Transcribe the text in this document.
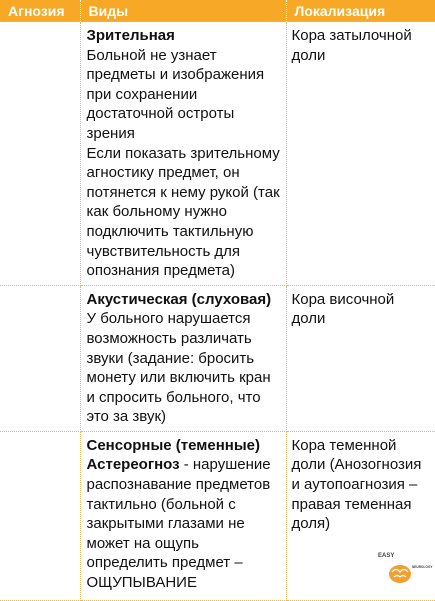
Агнозия	Виды	Локализация

	Зрительная
Больной не узнает предметы и изображения при сохранении достаточной остроты зрения
Если показать зрительному агностику предмет, он потянется к нему рукой (так как больному нужно подключить тактильную чувствительность для опознания предмета)	Кора затылочной доли

	Акустическая (слуховая)
У больного нарушается возможность различать звуки (задание: бросить монету или включить кран и спросить больного, что это за звук)	Кора височной доли

	Сенсорные (теменные)
Астереогноз - нарушение распознавание предметов тактильно (больной с закрытыми глазами не может на ощупь определить предмет – ОЩУПЫВАНИЕ	Кора теменной доли (Анозогнозия и аутопоагнозия – правая теменная доля)
EASY
NEUROLOGY
